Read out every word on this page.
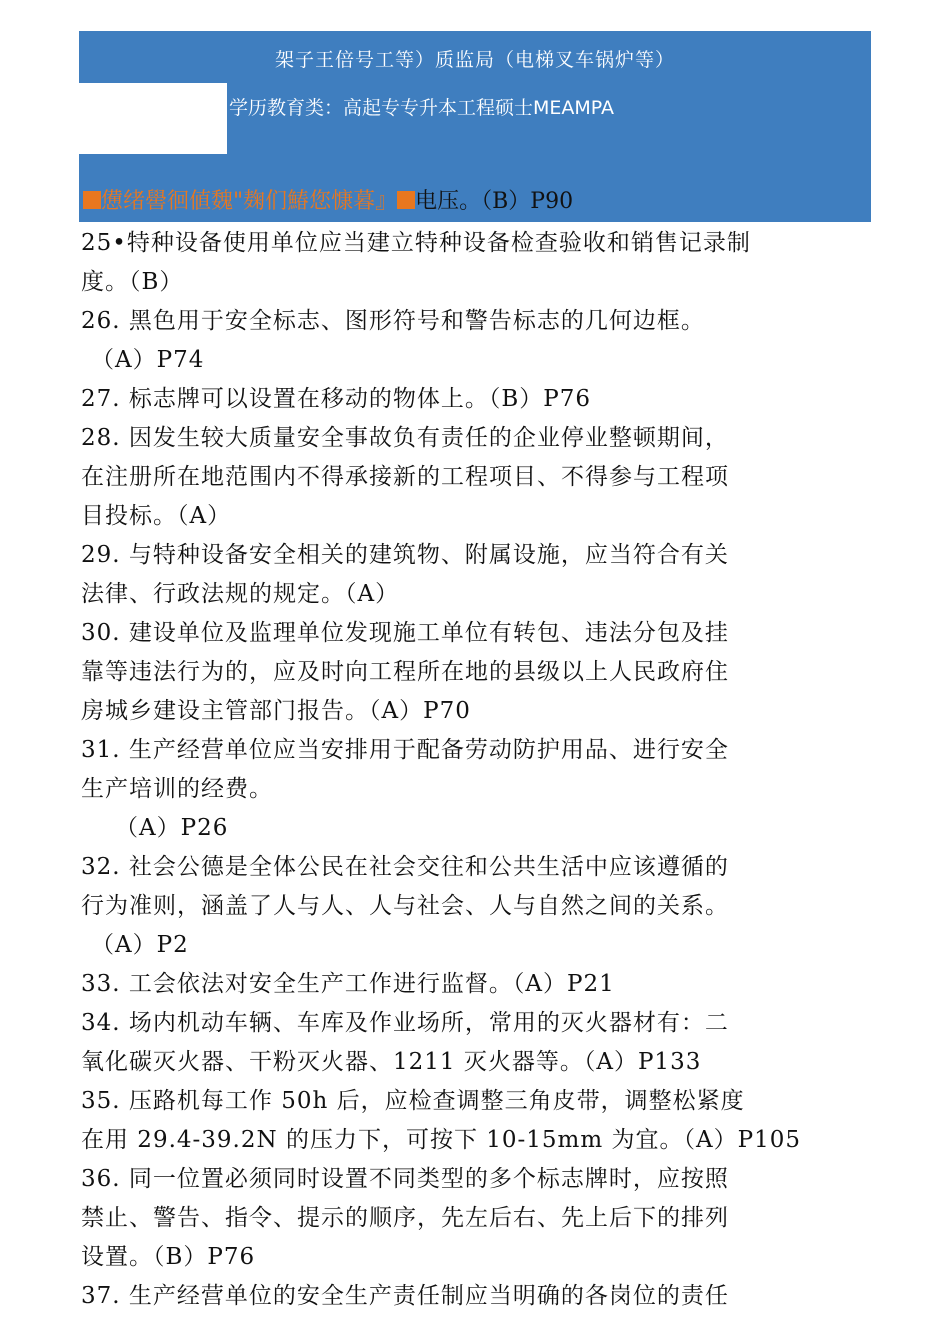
架子王倍号工等）质监局（电梯叉车锅炉等）
学历教育类：高起专专升本工程硕士MEAMPA
憊绪嚳徊値魏"麹们鰆您慷暮』 电压。（B）P90
25•特种设备使用单位应当建立特种设备检查验收和销售记录制
度。（B）
26. 黑色用于安全标志、图形符号和警告标志的几何边框。
（A）P74
27. 标志牌可以设置在移动的物体上。（B）P76
28. 因发生较大质量安全事故负有责任的企业停业整顿期间，
在注册所在地范围内不得承接新的工程项目、不得参与工程项
目投标。（A）
29. 与特种设备安全相关的建筑物、附属设施，应当符合有关
法律、行政法规的规定。（A）
30. 建设单位及监理单位发现施工单位有转包、违法分包及挂
靠等违法行为的，应及时向工程所在地的县级以上人民政府住
房城乡建设主管部门报告。（A）P70
31. 生产经营单位应当安排用于配备劳动防护用品、进行安全
生产培训的经费。
（A）P26
32. 社会公德是全体公民在社会交往和公共生活中应该遵循的
行为准则，涵盖了人与人、人与社会、人与自然之间的关系。
（A）P2
33. 工会依法对安全生产工作进行监督。（A）P21
34. 场内机动车辆、车库及作业场所，常用的灭火器材有：二
氧化碳灭火器、干粉灭火器、1211 灭火器等。（A）P133
35. 压路机每工作 50h 后，应检查调整三角皮带，调整松紧度
在用 29.4-39.2N 的压力下，可按下 10-15mm 为宜。（A）P105
36. 同一位置必须同时设置不同类型的多个标志牌时，应按照
禁止、警告、指令、提示的顺序，先左后右、先上后下的排列
设置。（B）P76
37. 生产经营单位的安全生产责任制应当明确的各岗位的责任
